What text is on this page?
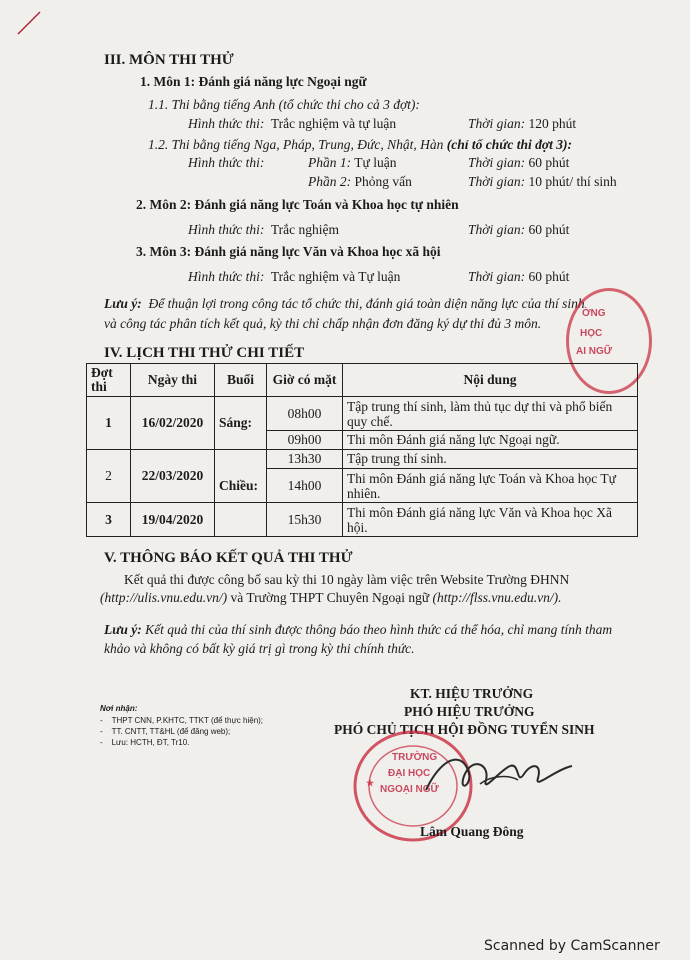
III. MÔN THI THỬ
1. Môn 1: Đánh giá năng lực Ngoại ngữ
1.1. Thi bằng tiếng Anh (tổ chức thi cho cả 3 đợt):
Hình thức thi: Trắc nghiệm và tự luận	Thời gian: 120 phút
1.2. Thi bằng tiếng Nga, Pháp, Trung, Đức, Nhật, Hàn (chỉ tổ chức thi đợt 3):
Hình thức thi:	Phần 1: Tự luận	Thời gian: 60 phút
Phần 2: Phỏng vấn	Thời gian: 10 phút/ thí sinh
2. Môn 2: Đánh giá năng lực Toán và Khoa học tự nhiên
Hình thức thi: Trắc nghiệm	Thời gian: 60 phút
3. Môn 3: Đánh giá năng lực Văn và Khoa học xã hội
Hình thức thi: Trắc nghiệm và Tự luận	Thời gian: 60 phút
Lưu ý: Để thuận lợi trong công tác tổ chức thi, đánh giá toàn diện năng lực của thí sinh
và công tác phân tích kết quả, kỳ thi chỉ chấp nhận đơn đăng ký dự thi đủ 3 môn.
ỜNG
HỌC
AI NGỮ
IV. LỊCH THI THỬ CHI TIẾT
Đợt thi	Ngày thi	Buổi	Giờ có mặt	Nội dung
1	16/02/2020	Sáng:	08h00	Tập trung thí sinh, làm thủ tục dự thi và phổ biến quy chế.
			09h00	Thi môn Đánh giá năng lực Ngoại ngữ.
2	22/03/2020	Chiều:	13h30	Tập trung thí sinh.
			14h00	Thi môn Đánh giá năng lực Toán và Khoa học Tự nhiên.
3	19/04/2020		15h30	Thi môn Đánh giá năng lực Văn và Khoa học Xã hội.
V. THÔNG BÁO KẾT QUẢ THI THỬ
Kết quả thi được công bố sau kỳ thi 10 ngày làm việc trên Website Trường ĐHNN
(http://ulis.vnu.edu.vn/) và Trường THPT Chuyên Ngoại ngữ (http://flss.vnu.edu.vn/).
Lưu ý: Kết quả thi của thí sinh được thông báo theo hình thức cá thể hóa, chỉ mang tính tham
khảo và không có bất kỳ giá trị gì trong kỳ thi chính thức.
Nơi nhận:
-    THPT CNN, P.KHTC, TTKT (để thực hiện);
-    TT. CNTT, TT&HL (để đăng web);
-    Lưu: HCTH, ĐT, Tr10.
KT. HIỆU TRƯỞNG
PHÓ HIỆU TRƯỞNG
PHÓ CHỦ TỊCH HỘI ĐỒNG TUYỂN SINH
★
TRƯỜNG
ĐẠI HỌC
NGOẠI NGỮ
Lâm Quang Đông
Scanned by CamScanner
